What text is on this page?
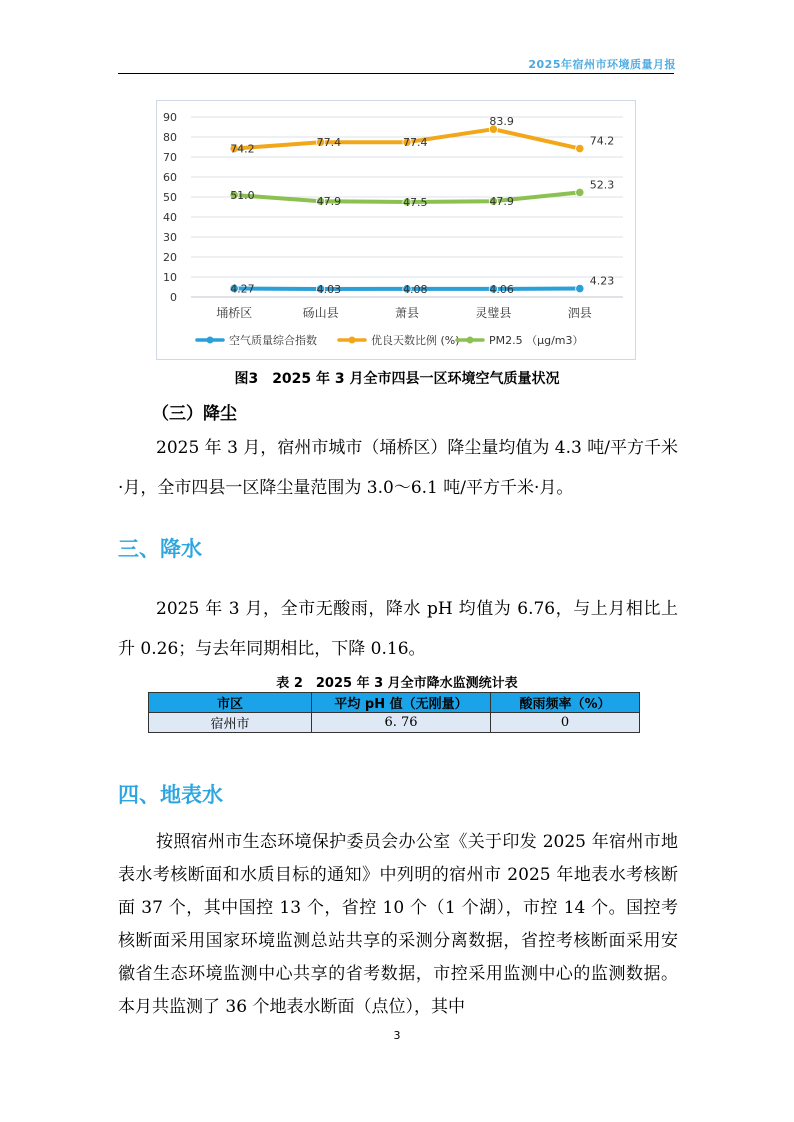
2025年宿州市环境质量月报
0
10
20
30
40
50
60
70
80
90
埇桥区	砀山县	萧县	灵璧县	泗县
4.27	4.03	4.08	4.06
4.23
74.2	77.4	77.4
83.9
74.2
51.0	47.9	47.5	47.9
52.3
空气质量综合指数	优良天数比例 (%)	PM2.5 （μg/m3）
图3　2025 年 3 月全市四县一区环境空气质量状况
（三）降尘
2025 年 3 月，宿州市城市（埇桥区）降尘量均值为 4.3 吨/平方千米·月，全市四县一区降尘量范围为 3.0～6.1 吨/平方千米·月。
三、降水
2025 年 3 月，全市无酸雨，降水 pH 均值为 6.76，与上月相比上升 0.26；与去年同期相比，下降 0.16。
表 2　2025 年 3 月全市降水监测统计表
市区	平均 pH 值（无刚量）	酸雨频率（%）
宿州市	6. 76	0
四、地表水
按照宿州市生态环境保护委员会办公室《关于印发 2025 年宿州市地表水考核断面和水质目标的通知》中列明的宿州市 2025 年地表水考核断面 37 个，其中国控 13 个，省控 10 个（1 个湖），市控 14 个。国控考核断面采用国家环境监测总站共享的采测分离数据，省控考核断面采用安徽省生态环境监测中心共享的省考数据，市控采用监测中心的监测数据。本月共监测了 36 个地表水断面（点位），其中
3
